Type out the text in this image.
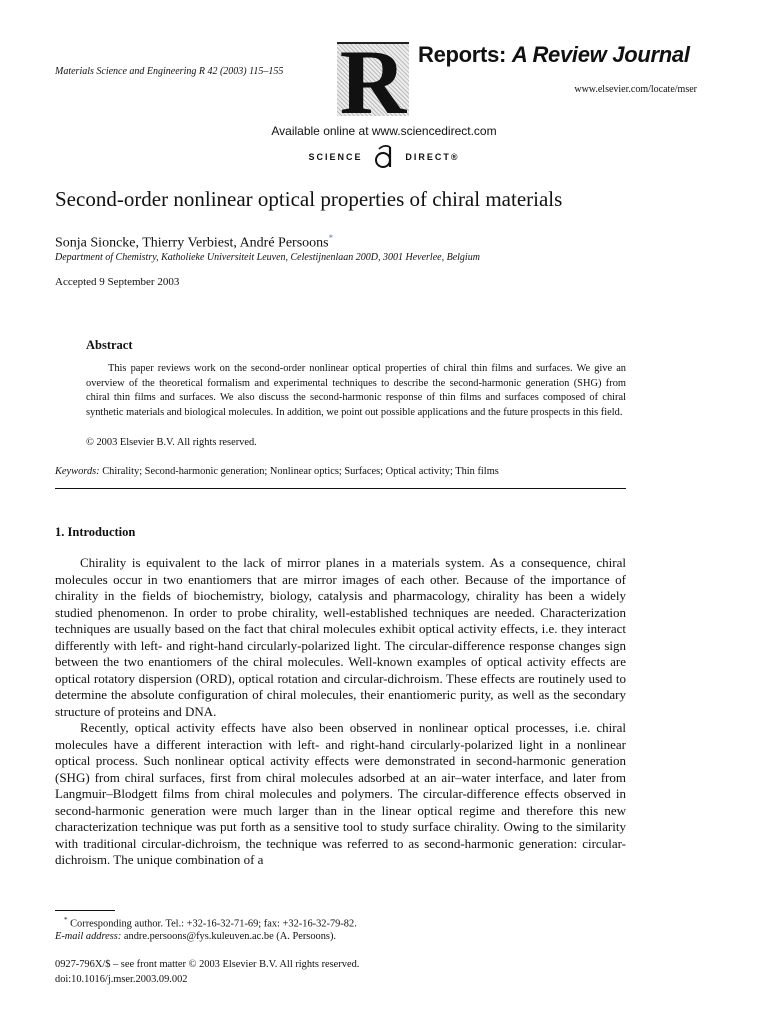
Materials Science and Engineering R 42 (2003) 115–155 R Reports: A Review Journal
www.elsevier.com/locate/mser
Available online at www.sciencedirect.com
SCIENCE	DIRECT®
Second-order nonlinear optical properties of chiral materials
Sonja Sioncke, Thierry Verbiest, André Persoons*
Department of Chemistry, Katholieke Universiteit Leuven, Celestijnenlaan 200D, 3001 Heverlee, Belgium
Accepted 9 September 2003
Abstract
This paper reviews work on the second-order nonlinear optical properties of chiral thin films and surfaces. We give an overview of the theoretical formalism and experimental techniques to describe the second-harmonic generation (SHG) from chiral thin films and surfaces. We also discuss the second-harmonic response of thin films and surfaces composed of chiral synthetic materials and biological molecules. In addition, we point out possible applications and the future prospects in this field.
© 2003 Elsevier B.V. All rights reserved.
Keywords: Chirality; Second-harmonic generation; Nonlinear optics; Surfaces; Optical activity; Thin films
1. Introduction

Chirality is equivalent to the lack of mirror planes in a materials system. As a consequence, chiral molecules occur in two enantiomers that are mirror images of each other. Because of the importance of chirality in the fields of biochemistry, biology, catalysis and pharmacology, chirality has been a widely studied phenomenon. In order to probe chirality, well-established techniques are needed. Characterization techniques are usually based on the fact that chiral molecules exhibit optical activity effects, i.e. they interact differently with left- and right-hand circularly-polarized light. The circular-difference response changes sign between the two enantiomers of the chiral molecules. Well-known examples of optical activity effects are optical rotatory dispersion (ORD), optical rotation and circular-dichroism. These effects are routinely used to determine the absolute configuration of chiral molecules, their enantiomeric purity, as well as the secondary structure of proteins and DNA.

Recently, optical activity effects have also been observed in nonlinear optical processes, i.e. chiral molecules have a different interaction with left- and right-hand circularly-polarized light in a nonlinear optical process. Such nonlinear optical activity effects were demonstrated in second-harmonic generation (SHG) from chiral surfaces, first from chiral molecules adsorbed at an air–water interface, and later from Langmuir–Blodgett films from chiral molecules and polymers. The circular-difference effects observed in second-harmonic generation were much larger than in the linear optical regime and therefore this new characterization technique was put forth as a sensitive tool to study surface chirality. Owing to the similarity with traditional circular-dichroism, the technique was referred to as second-harmonic generation: circular-dichroism. The unique combination of a

* Corresponding author. Tel.: +32-16-32-71-69; fax: +32-16-32-79-82.
E-mail address: andre.persoons@fys.kuleuven.ac.be (A. Persoons).
0927-796X/$ – see front matter © 2003 Elsevier B.V. All rights reserved.
doi:10.1016/j.mser.2003.09.002
